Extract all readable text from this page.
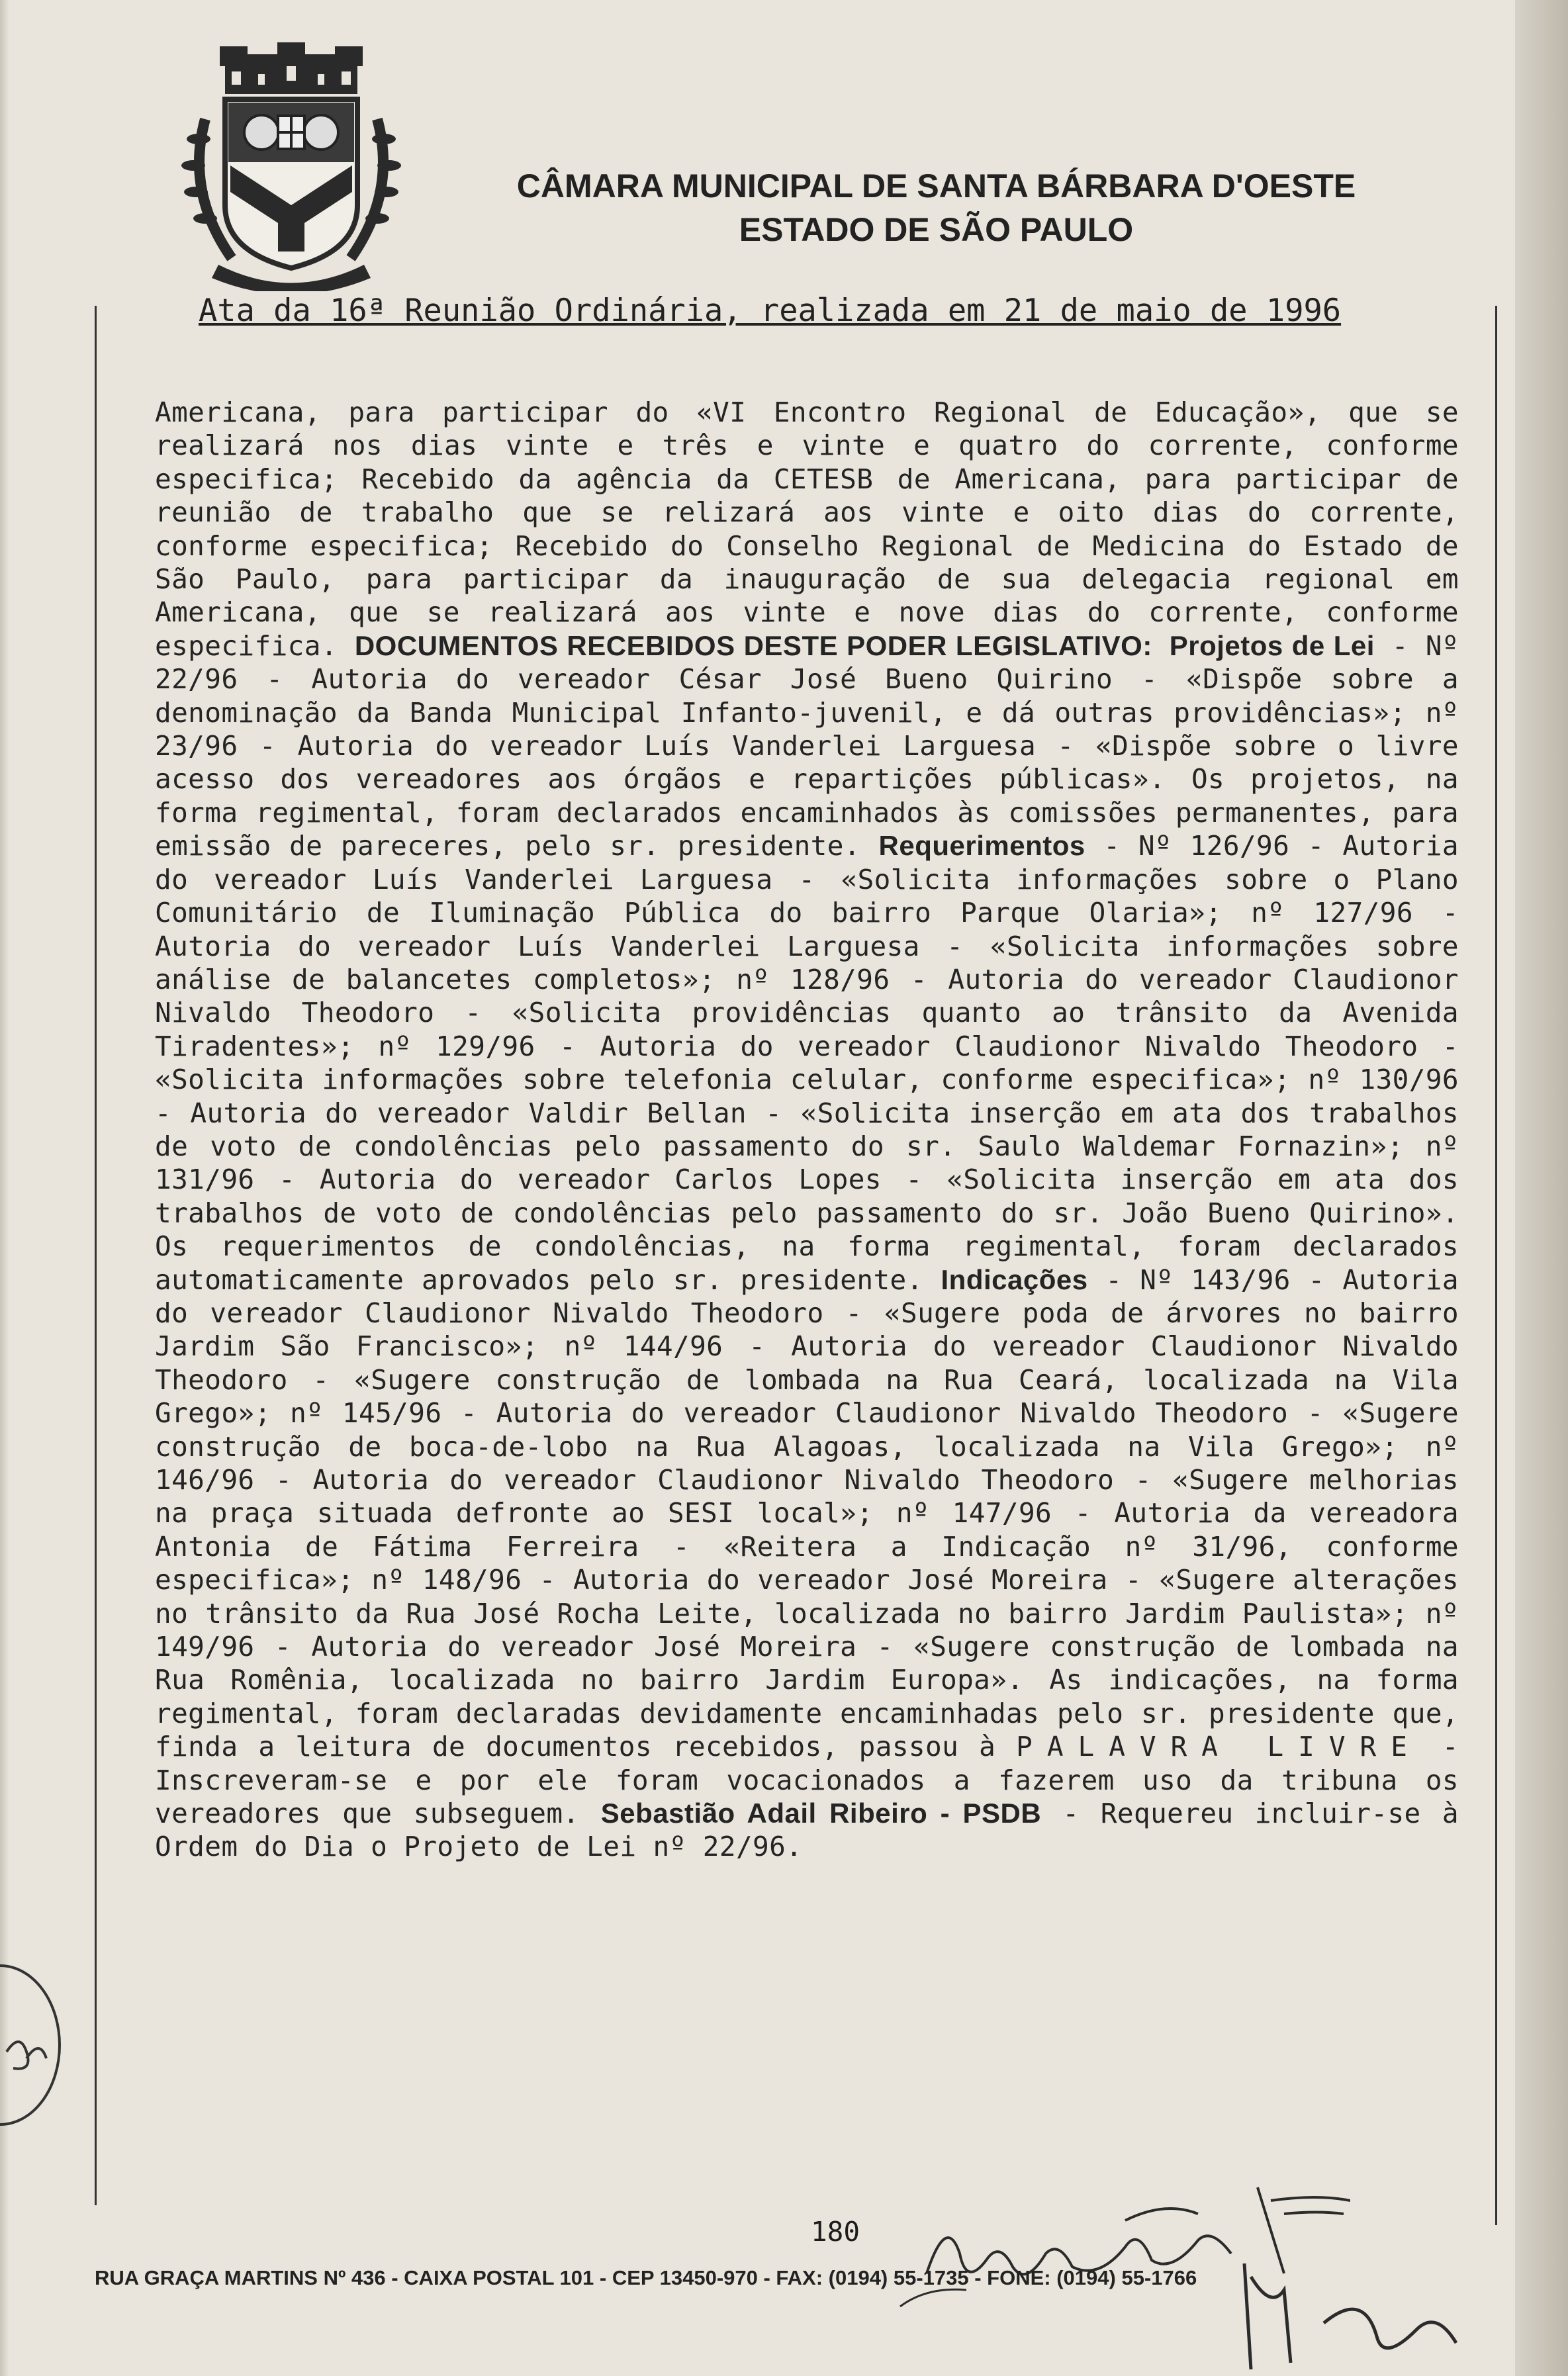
CÂMARA MUNICIPAL DE SANTA BÁRBARA D'OESTE
ESTADO DE SÃO PAULO
Ata da 16ª Reunião Ordinária, realizada em 21 de maio de 1996
Americana, para participar do «VI Encontro Regional de Educação», que se realizará nos dias vinte e três e vinte e quatro do corrente, conforme especifica; Recebido da agência da CETESB de Americana, para participar de reunião de trabalho que se relizará aos vinte e oito dias do corrente, conforme especifica; Recebido do Conselho Regional de Medicina do Estado de São Paulo, para participar da inauguração de sua delegacia regional em Americana, que se realizará aos vinte e nove dias do corrente, conforme especifica. DOCUMENTOS RECEBIDOS DESTE PODER LEGISLATIVO: Projetos de Lei - Nº 22/96 - Autoria do vereador César José Bueno Quirino - «Dispõe sobre a denominação da Banda Municipal Infanto-juvenil, e dá outras providências»; nº 23/96 - Autoria do vereador Luís Vanderlei Larguesa - «Dispõe sobre o livre acesso dos vereadores aos órgãos e repartições públicas». Os projetos, na forma regimental, foram declarados encaminhados às comissões permanentes, para emissão de pareceres, pelo sr. presidente. Requerimentos - Nº 126/96 - Autoria do vereador Luís Vanderlei Larguesa - «Solicita informações sobre o Plano Comunitário de Iluminação Pública do bairro Parque Olaria»; nº 127/96 - Autoria do vereador Luís Vanderlei Larguesa - «Solicita informações sobre análise de balancetes completos»; nº 128/96 - Autoria do vereador Claudionor Nivaldo Theodoro - «Solicita providências quanto ao trânsito da Avenida Tiradentes»; nº 129/96 - Autoria do vereador Claudionor Nivaldo Theodoro - «Solicita informações sobre telefonia celular, conforme especifica»; nº 130/96 - Autoria do vereador Valdir Bellan - «Solicita inserção em ata dos trabalhos de voto de condolências pelo passamento do sr. Saulo Waldemar Fornazin»; nº 131/96 - Autoria do vereador Carlos Lopes - «Solicita inserção em ata dos trabalhos de voto de condolências pelo passamento do sr. João Bueno Quirino». Os requerimentos de condolências, na forma regimental, foram declarados automaticamente aprovados pelo sr. presidente. Indicações - Nº 143/96 - Autoria do vereador Claudionor Nivaldo Theodoro - «Sugere poda de árvores no bairro Jardim São Francisco»; nº 144/96 - Autoria do vereador Claudionor Nivaldo Theodoro - «Sugere construção de lombada na Rua Ceará, localizada na Vila Grego»; nº 145/96 - Autoria do vereador Claudionor Nivaldo Theodoro - «Sugere construção de boca-de-lobo na Rua Alagoas, localizada na Vila Grego»; nº 146/96 - Autoria do vereador Claudionor Nivaldo Theodoro - «Sugere melhorias na praça situada defronte ao SESI local»; nº 147/96 - Autoria da vereadora Antonia de Fátima Ferreira - «Reitera a Indicação nº 31/96, conforme especifica»; nº 148/96 - Autoria do vereador José Moreira - «Sugere alterações no trânsito da Rua José Rocha Leite, localizada no bairro Jardim Paulista»; nº 149/96 - Autoria do vereador José Moreira - «Sugere construção de lombada na Rua Romênia, localizada no bairro Jardim Europa». As indicações, na forma regimental, foram declaradas devidamente encaminhadas pelo sr. presidente que, finda a leitura de documentos recebidos, passou à PALAVRA LIVRE - Inscreveram-se e por ele foram vocacionados a fazerem uso da tribuna os vereadores que subseguem. Sebastião Adail Ribeiro - PSDB - Requereu incluir-se à Ordem do Dia o Projeto de Lei nº 22/96.
180
RUA GRAÇA MARTINS Nº 436 - CAIXA POSTAL 101 - CEP 13450-970 - FAX: (0194) 55-1735 - FONE: (0194) 55-1766
